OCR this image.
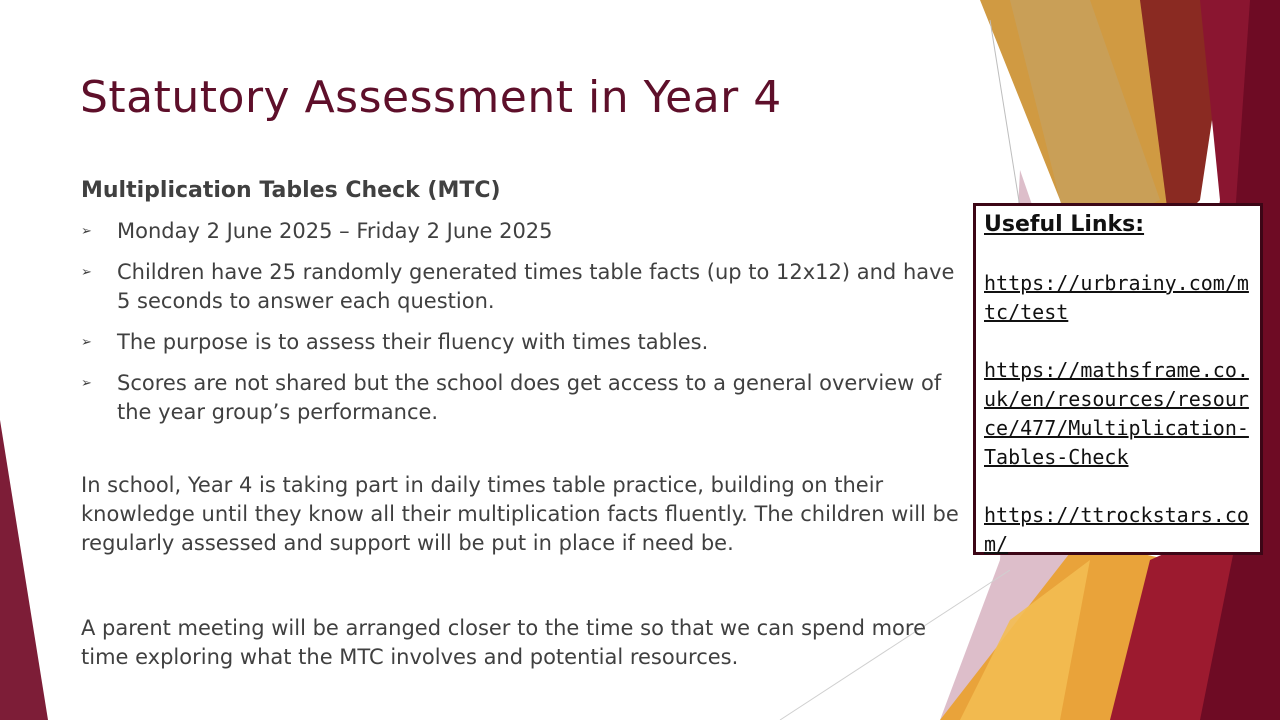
Statutory Assessment in Year 4
Multiplication Tables Check (MTC)
➢ Monday 2 June 2025 – Friday 2 June 2025
➢ Children have 25 randomly generated times table facts (up to 12x12) and have 5 seconds to answer each question.
➢ The purpose is to assess their fluency with times tables.
➢ Scores are not shared but the school does get access to a general overview of the year group’s performance.

In school, Year 4 is taking part in daily times table practice, building on their knowledge until they know all their multiplication facts fluently. The children will be regularly assessed and support will be put in place if need be.

A parent meeting will be arranged closer to the time so that we can spend more time exploring what the MTC involves and potential resources.

Useful Links:
https://urbrainy.com/mtc/test
https://mathsframe.co.uk/en/resources/resource/477/Multiplication-Tables-Check
https://ttrockstars.com/
